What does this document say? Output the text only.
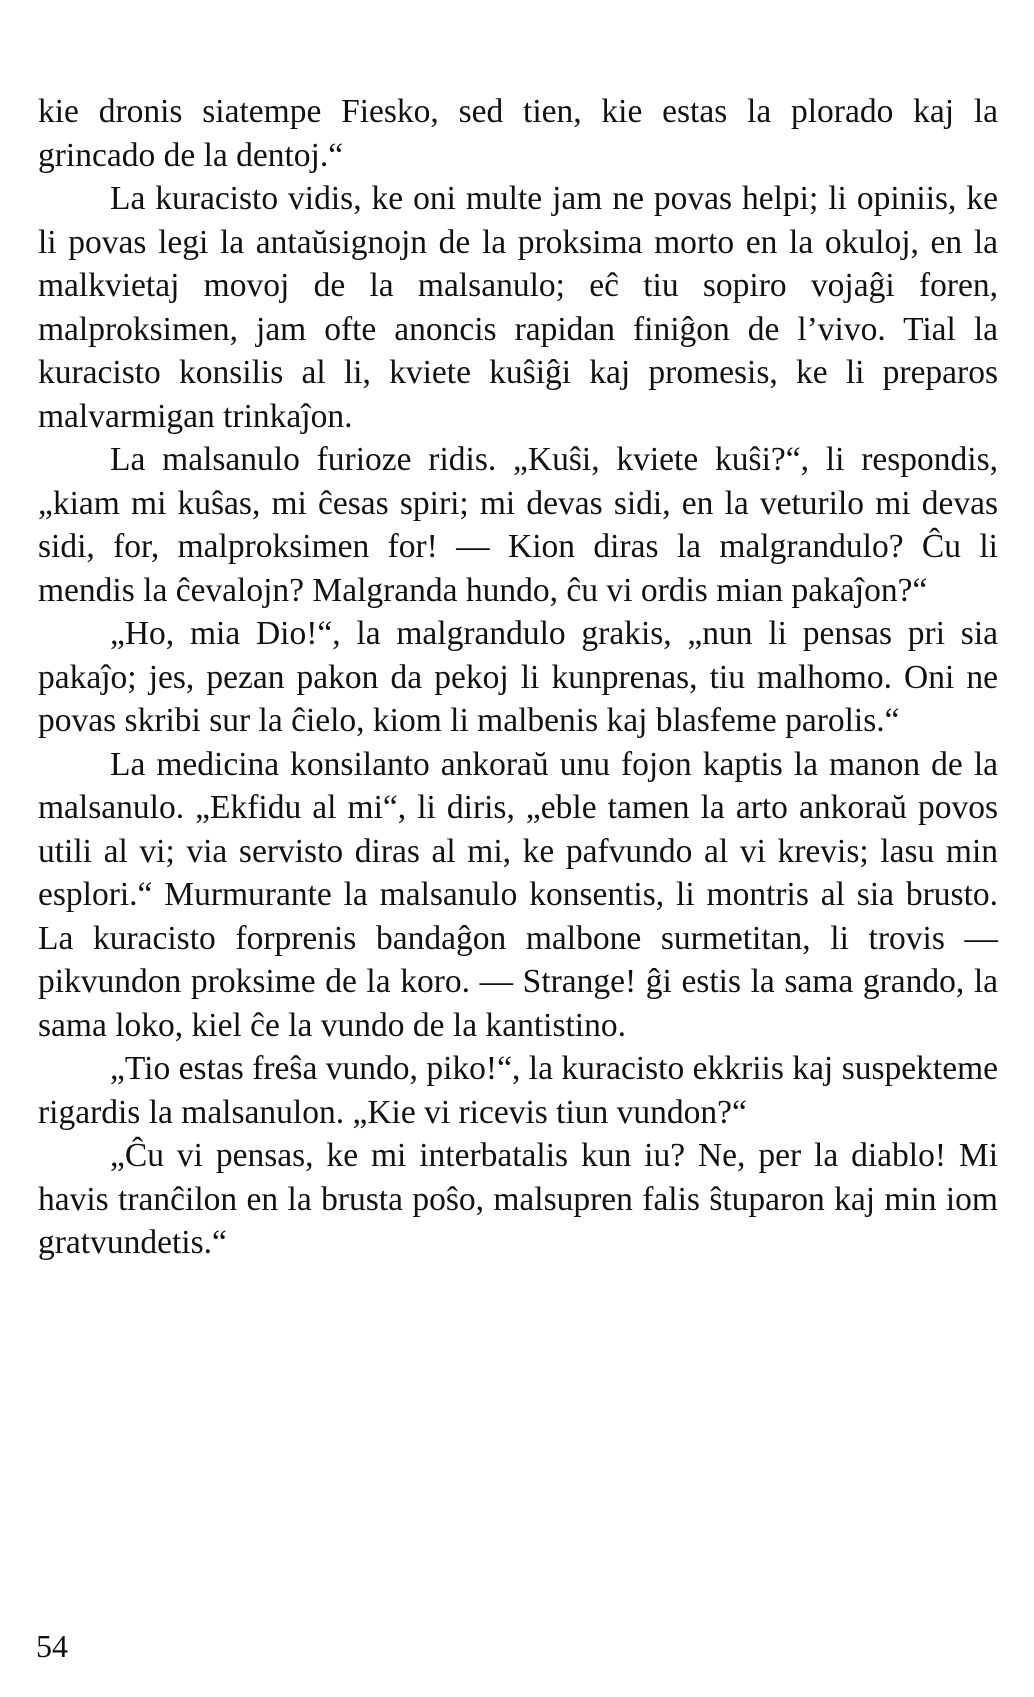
kie dronis siatempe Fiesko, sed tien, kie estas la plorado kaj la grincado de la dentoj.“

La kuracisto vidis, ke oni multe jam ne povas helpi; li opiniis, ke li povas legi la antaŭsignojn de la proksima morto en la okuloj, en la malkvietaj movoj de la malsanulo; eĉ tiu sopiro vojaĝi foren, malproksimen, jam ofte anoncis rapidan finiĝon de l’vivo. Tial la kuracisto konsilis al li, kviete kuŝiĝi kaj promesis, ke li preparos malvarmigan trinkaĵon.

La malsanulo furioze ridis. „Kuŝi, kviete kuŝi?“, li respondis, „kiam mi kuŝas, mi ĉesas spiri; mi devas sidi, en la veturilo mi devas sidi, for, malproksimen for! — Kion diras la malgrandulo? Ĉu li mendis la ĉevalojn? Malgranda hundo, ĉu vi ordis mian pakaĵon?“

„Ho, mia Dio!“, la malgrandulo grakis, „nun li pensas pri sia pakaĵo; jes, pezan pakon da pekoj li kunprenas, tiu malhomo. Oni ne povas skribi sur la ĉielo, kiom li malbenis kaj blasfeme parolis.“

La medicina konsilanto ankoraŭ unu fojon kaptis la manon de la malsanulo. „Ekfidu al mi“, li diris, „eble tamen la arto ankoraŭ povos utili al vi; via servisto diras al mi, ke pafvundo al vi krevis; lasu min esplori.“ Murmurante la malsanulo konsentis, li montris al sia brusto. La kuracisto forprenis bandaĝon malbone surmetitan, li trovis — pikvundon proksime de la koro. — Strange! ĝi estis la sama grando, la sama loko, kiel ĉe la vundo de la kantistino.

„Tio estas freŝa vundo, piko!“, la kuracisto ekkriis kaj suspekteme rigardis la malsanulon. „Kie vi ricevis tiun vundon?“

„Ĉu vi pensas, ke mi interbatalis kun iu? Ne, per la diablo! Mi havis tranĉilon en la brusta poŝo, malsupren falis ŝtuparon kaj min iom gratvundetis.“

54
